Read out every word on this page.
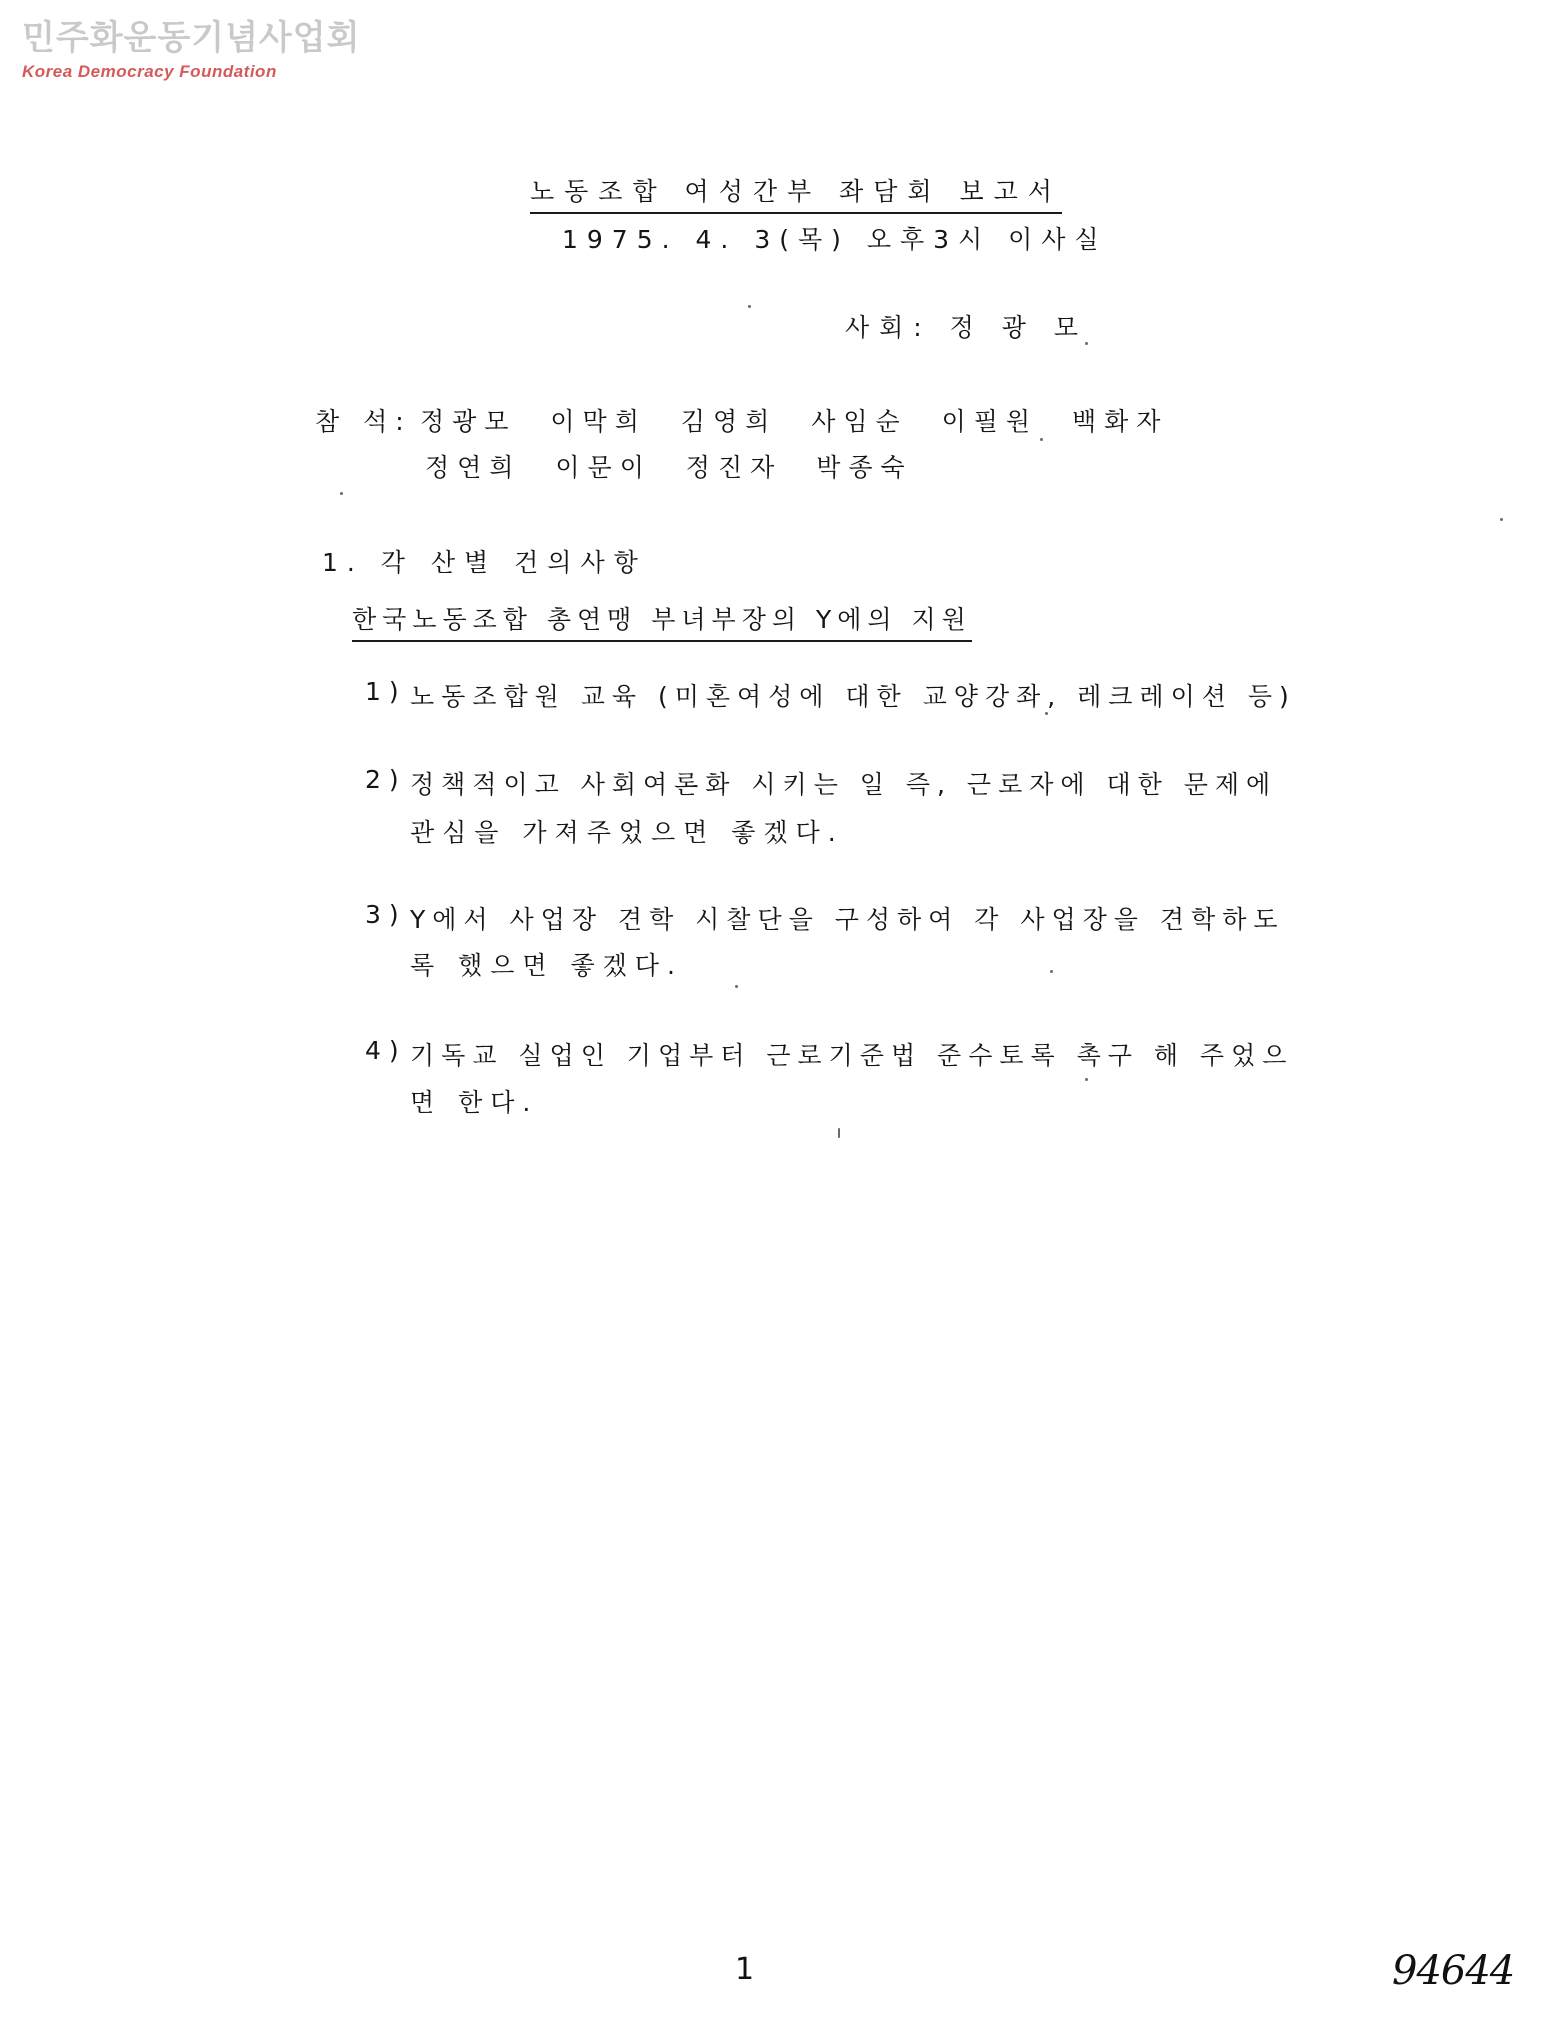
민주화운동기념사업회
Korea Democracy Foundation
노동조합 여성간부 좌담회 보고서
1975. 4. 3(목) 오후3시 이사실
사회: 정 광 모
참 석: 정광모 이막희 김영희 사임순 이필원 백화자
정연희 이문이 정진자 박종숙
1. 각 산별 건의사항
한국노동조합 총연맹 부녀부장의 Y에의 지원
1) 노동조합원 교육 (미혼여성에 대한 교양강좌, 레크레이션 등)
2) 정책적이고 사회여론화 시키는 일 즉, 근로자에 대한 문제에
관심을 가져주었으면 좋겠다.
3) Y에서 사업장 견학 시찰단을 구성하여 각 사업장을 견학하도
록 했으면 좋겠다.
4) 기독교 실업인 기업부터 근로기준법 준수토록 촉구 해 주었으
면 한다.
1	94644
